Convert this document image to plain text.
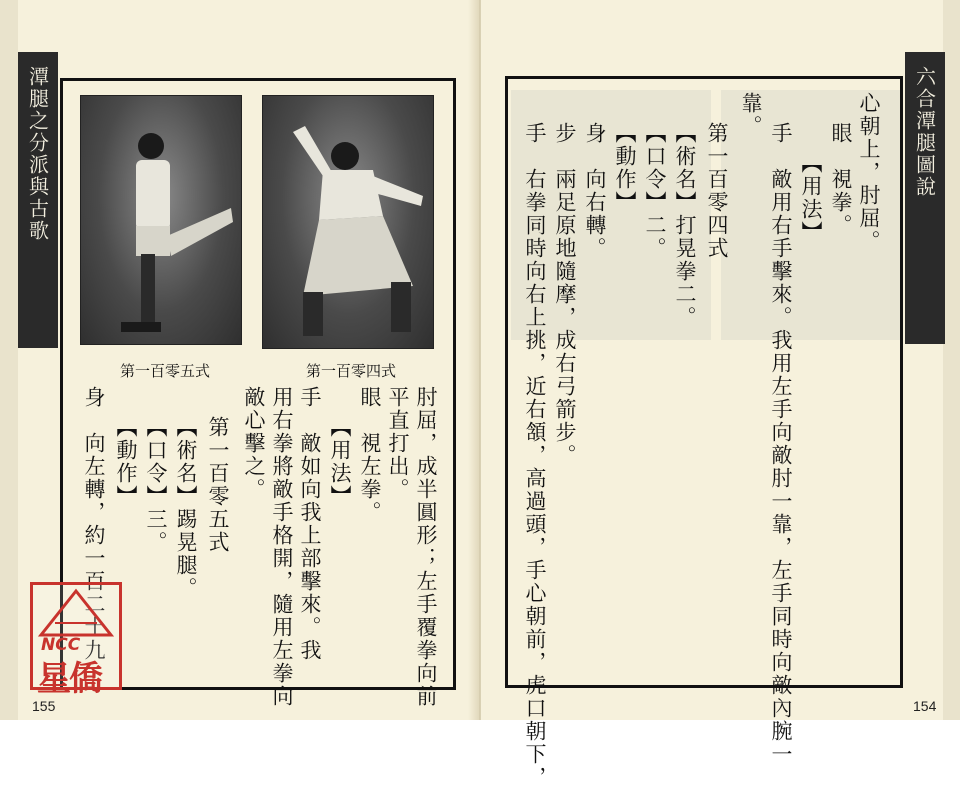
潭腿之分派與古歌
第一百零五式	第一百零四式
肘屈，成半圓形；左手覆拳向前
平直打出。
眼　視左拳。
【用法】
手　敵如向我上部擊來。我
用右拳將敵手格開，隨用左拳向
敵心擊之。
第一百零五式
【術名】踢晃腿。
【口令】三。
【動作】
身　向左轉，約一百二十九
155
NCC
星僑
六合潭腿圖說
心朝上，肘屈。
眼　視拳。
【用法】
手　敵用右手擊來。我用左手向敵肘一靠，左手同時向敵內腕一
靠。
第一百零四式
【術名】打晃拳二。
【口令】二。
【動作】
身　向右轉。
步　兩足原地隨摩，成右弓箭步。
手　右拳同時向右上挑，近右頷，高過頭，手心朝前，虎口朝下，	154
